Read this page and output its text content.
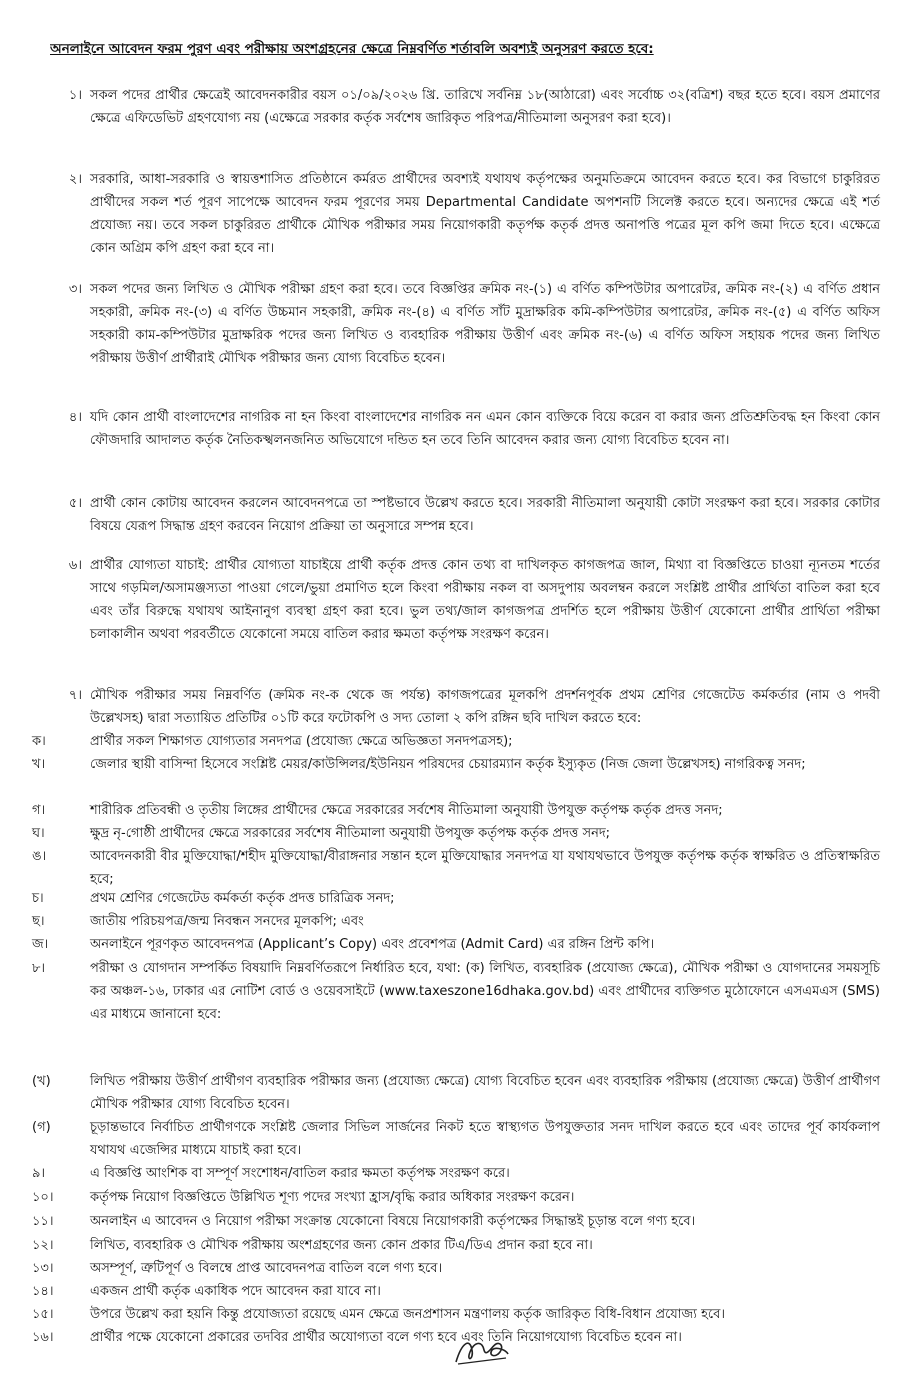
অনলাইনে আবেদন ফরম পুরণ এবং পরীক্ষায় অংশগ্রহনের ক্ষেত্রে নিম্নবর্ণিত শর্তাবলি অবশ্যই অনুসরণ করতে হবে:
১। সকল পদের প্রার্থীর ক্ষেত্রেই আবেদনকারীর বয়স ০১/০৯/২০২৬ খ্রি. তারিখে সর্বনিম্ন ১৮(আঠারো) এবং সর্বোচ্চ ৩২(বত্রিশ) বছর হতে হবে। বয়স প্রমাণের ক্ষেত্রে এফিডেভিট গ্রহণযোগ্য নয় (এক্ষেত্রে সরকার কর্তৃক সর্বশেষ জারিকৃত পরিপত্র/নীতিমালা অনুসরণ করা হবে)।
২। সরকারি, আধা-সরকারি ও স্বায়ত্তশাসিত প্রতিষ্ঠানে কর্মরত প্রার্থীদের অবশ্যই যথাযথ কর্তৃপক্ষের অনুমতিক্রমে আবেদন করতে হবে। কর বিভাগে চাকুরিরত প্রার্থীদের সকল শর্ত পূরণ সাপেক্ষে আবেদন ফরম পূরণের সময় Departmental Candidate অপশনটি সিলেক্ট করতে হবে। অন্যদের ক্ষেত্রে এই শর্ত প্রযোজ্য নয়। তবে সকল চাকুরিরত প্রার্থীকে মৌখিক পরীক্ষার সময় নিয়োগকারী কতৃর্পক্ষ কতৃর্ক প্রদত্ত অনাপত্তি পত্রের মূল কপি জমা দিতে হবে। এক্ষেত্রে কোন অগ্রিম কপি গ্রহণ করা হবে না।
৩। সকল পদের জন্য লিখিত ও মৌখিক পরীক্ষা গ্রহণ করা হবে। তবে বিজ্ঞপ্তির ক্রমিক নং-(১) এ বর্ণিত কম্পিউটার অপারেটর, ক্রমিক নং-(২) এ বর্ণিত প্রধান সহকারী, ক্রমিক নং-(৩) এ বর্ণিত উচ্চমান সহকারী, ক্রমিক নং-(৪) এ বর্ণিত সাঁট মুদ্রাক্ষরিক কমি-কম্পিউটার অপারেটর, ক্রমিক নং-(৫) এ বর্ণিত অফিস সহকারী কাম-কম্পিউটার মুদ্রাক্ষরিক পদের জন্য লিখিত ও ব্যবহারিক পরীক্ষায় উত্তীর্ণ এবং ক্রমিক নং-(৬) এ বর্ণিত অফিস সহায়ক পদের জন্য লিখিত পরীক্ষায় উত্তীর্ণ প্রার্থীরাই মৌখিক পরীক্ষার জন্য যোগ্য বিবেচিত হবেন।
৪। যদি কোন প্রার্থী বাংলাদেশের নাগরিক না হন কিংবা বাংলাদেশের নাগরিক নন এমন কোন ব্যক্তিকে বিয়ে করেন বা করার জন্য প্রতিশ্রুতিবদ্ধ হন কিংবা কোন ফৌজদারি আদালত কর্তৃক নৈতিকস্খলনজনিত অভিযোগে দন্ডিত হন তবে তিনি আবেদন করার জন্য যোগ্য বিবেচিত হবেন না।
৫। প্রার্থী কোন কোটায় আবেদন করলেন আবেদনপত্রে তা স্পষ্টভাবে উল্লেখ করতে হবে। সরকারী নীতিমালা অনুযায়ী কোটা সংরক্ষণ করা হবে। সরকার কোটার বিষয়ে যেরূপ সিদ্ধান্ত গ্রহণ করবেন নিয়োগ প্রক্রিয়া তা অনুসারে সম্পন্ন হবে।
৬। প্রার্থীর যোগ্যতা যাচাই: প্রার্থীর যোগ্যতা যাচাইয়ে প্রার্থী কর্তৃক প্রদত্ত কোন তথ্য বা দাখিলকৃত কাগজপত্র জাল, মিথ্যা বা বিজ্ঞপ্তিতে চাওয়া ন্যূনতম শর্তের সাথে গড়মিল/অসামঞ্জস্যতা পাওয়া গেলে/ভুয়া প্রমাণিত হলে কিংবা পরীক্ষায় নকল বা অসদুপায় অবলম্বন করলে সংশ্লিষ্ট প্রার্থীর প্রার্থিতা বাতিল করা হবে এবং তাঁর বিরুদ্ধে যথাযথ আইনানুগ ব্যবস্থা গ্রহণ করা হবে। ভুল তথ্য/জাল কাগজপত্র প্রদর্শিত হলে পরীক্ষায় উত্তীর্ণ যেকোনো প্রার্থীর প্রার্থিতা পরীক্ষা চলাকালীন অথবা পরবর্তীতে যেকোনো সময়ে বাতিল করার ক্ষমতা কর্তৃপক্ষ সংরক্ষণ করেন।
৭। মৌখিক পরীক্ষার সময় নিম্নবর্ণিত (ক্রমিক নং-ক থেকে জ পর্যন্ত) কাগজপত্রের মূলকপি প্রদর্শনপূর্বক প্রথম শ্রেণির গেজেটেড কর্মকর্তার (নাম ও পদবী উল্লেখসহ) দ্বারা সত্যায়িত প্রতিটির ০১টি করে ফটোকপি ও সদ্য তোলা ২ কপি রঙ্গিন ছবি দাখিল করতে হবে:
ক।	প্রার্থীর সকল শিক্ষাগত যোগ্যতার সনদপত্র (প্রযোজ্য ক্ষেত্রে অভিজ্ঞতা সনদপত্রসহ);
খ।	জেলার স্থায়ী বাসিন্দা হিসেবে সংশ্লিষ্ট মেয়র/কাউন্সিলর/ইউনিয়ন পরিষদের চেয়ারম্যান কর্তৃক ইস্যুকৃত (নিজ জেলা উল্লেখসহ) নাগরিকত্ব সনদ;
গ।	শারীরিক প্রতিবন্ধী ও তৃতীয় লিঙ্গের প্রার্থীদের ক্ষেত্রে সরকারের সর্বশেষ নীতিমালা অনুযায়ী উপযুক্ত কর্তৃপক্ষ কর্তৃক প্রদত্ত সনদ;
ঘ।	ক্ষুদ্র নৃ-গোষ্ঠী প্রার্থীদের ক্ষেত্রে সরকারের সর্বশেষ নীতিমালা অনুযায়ী উপযুক্ত কর্তৃপক্ষ কর্তৃক প্রদত্ত সনদ;
ঙ।	আবেদনকারী বীর মুক্তিযোদ্ধা/শহীদ মুক্তিযোদ্ধা/বীরাঙ্গনার সন্তান হলে মুক্তিযোদ্ধার সনদপত্র যা যথাযথভাবে উপযুক্ত কর্তৃপক্ষ কর্তৃক স্বাক্ষরিত ও প্রতিস্বাক্ষরিত হবে;
চ।	প্রথম শ্রেণির গেজেটেড কর্মকর্তা কর্তৃক প্রদত্ত চারিত্রিক সনদ;
ছ।	জাতীয় পরিচয়পত্র/জন্ম নিবন্ধন সনদের মূলকপি; এবং
জ।	অনলাইনে পূরণকৃত আবেদনপত্র (Applicant’s Copy) এবং প্রবেশপত্র (Admit Card) এর রঙ্গিন প্রিন্ট কপি।
৮।	পরীক্ষা ও যোগদান সম্পর্কিত বিষয়াদি নিম্নবর্ণিতরূপে নির্ধারিত হবে, যথা: (ক) লিখিত, ব্যবহারিক (প্রযোজ্য ক্ষেত্রে), মৌখিক পরীক্ষা ও যোগদানের সময়সূচি কর অঞ্চল-১৬, ঢাকার এর নোটিশ বোর্ড ও ওয়েবসাইটে (www.taxeszone16dhaka.gov.bd) এবং প্রার্থীদের ব্যক্তিগত মুঠোফোনে এসএমএস (SMS) এর মাধ্যমে জানানো হবে:
(খ)	লিখিত পরীক্ষায় উত্তীর্ণ প্রার্থীগণ ব্যবহারিক পরীক্ষার জন্য (প্রযোজ্য ক্ষেত্রে) যোগ্য বিবেচিত হবেন এবং ব্যবহারিক পরীক্ষায় (প্রযোজ্য ক্ষেত্রে) উত্তীর্ণ প্রার্থীগণ মৌখিক পরীক্ষার যোগ্য বিবেচিত হবেন।
(গ)	চূড়ান্তভাবে নির্বাচিত প্রার্থীগণকে সংশ্লিষ্ট জেলার সিভিল সার্জনের নিকট হতে স্বাস্থ্যগত উপযুক্ততার সনদ দাখিল করতে হবে এবং তাদের পূর্ব কার্যকলাপ যথাযথ এজেন্সির মাধ্যমে যাচাই করা হবে।
৯।	এ বিজ্ঞপ্তি আংশিক বা সম্পূর্ণ সংশোধন/বাতিল করার ক্ষমতা কর্তৃপক্ষ সংরক্ষণ করে।
১০।	কর্তৃপক্ষ নিয়োগ বিজ্ঞপ্তিতে উল্লিখিত শূণ্য পদের সংখ্যা হ্রাস/বৃদ্ধি করার অধিকার সংরক্ষণ করেন।
১১।	অনলাইন এ আবেদন ও নিয়োগ পরীক্ষা সংক্রান্ত যেকোনো বিষয়ে নিয়োগকারী কর্তৃপক্ষের সিদ্ধান্তই চূড়ান্ত বলে গণ্য হবে।
১২।	লিখিত, ব্যবহারিক ও মৌখিক পরীক্ষায় অংশগ্রহণের জন্য কোন প্রকার টিএ/ডিএ প্রদান করা হবে না।
১৩।	অসম্পূর্ণ, ত্রুটিপূর্ণ ও বিলম্বে প্রাপ্ত আবেদনপত্র বাতিল বলে গণ্য হবে।
১৪।	একজন প্রার্থী কর্তৃক একাধিক পদে আবেদন করা যাবে না।
১৫।	উপরে উল্লেখ করা হয়নি কিন্তু প্রযোজ্যতা রয়েছে এমন ক্ষেত্রে জনপ্রশাসন মন্ত্রণালয় কর্তৃক জারিকৃত বিধি-বিধান প্রযোজ্য হবে।
১৬।	প্রার্থীর পক্ষে যেকোনো প্রকারের তদবির প্রার্থীর অযোগ্যতা বলে গণ্য হবে এবং তিনি নিয়োগযোগ্য বিবেচিত হবেন না।
